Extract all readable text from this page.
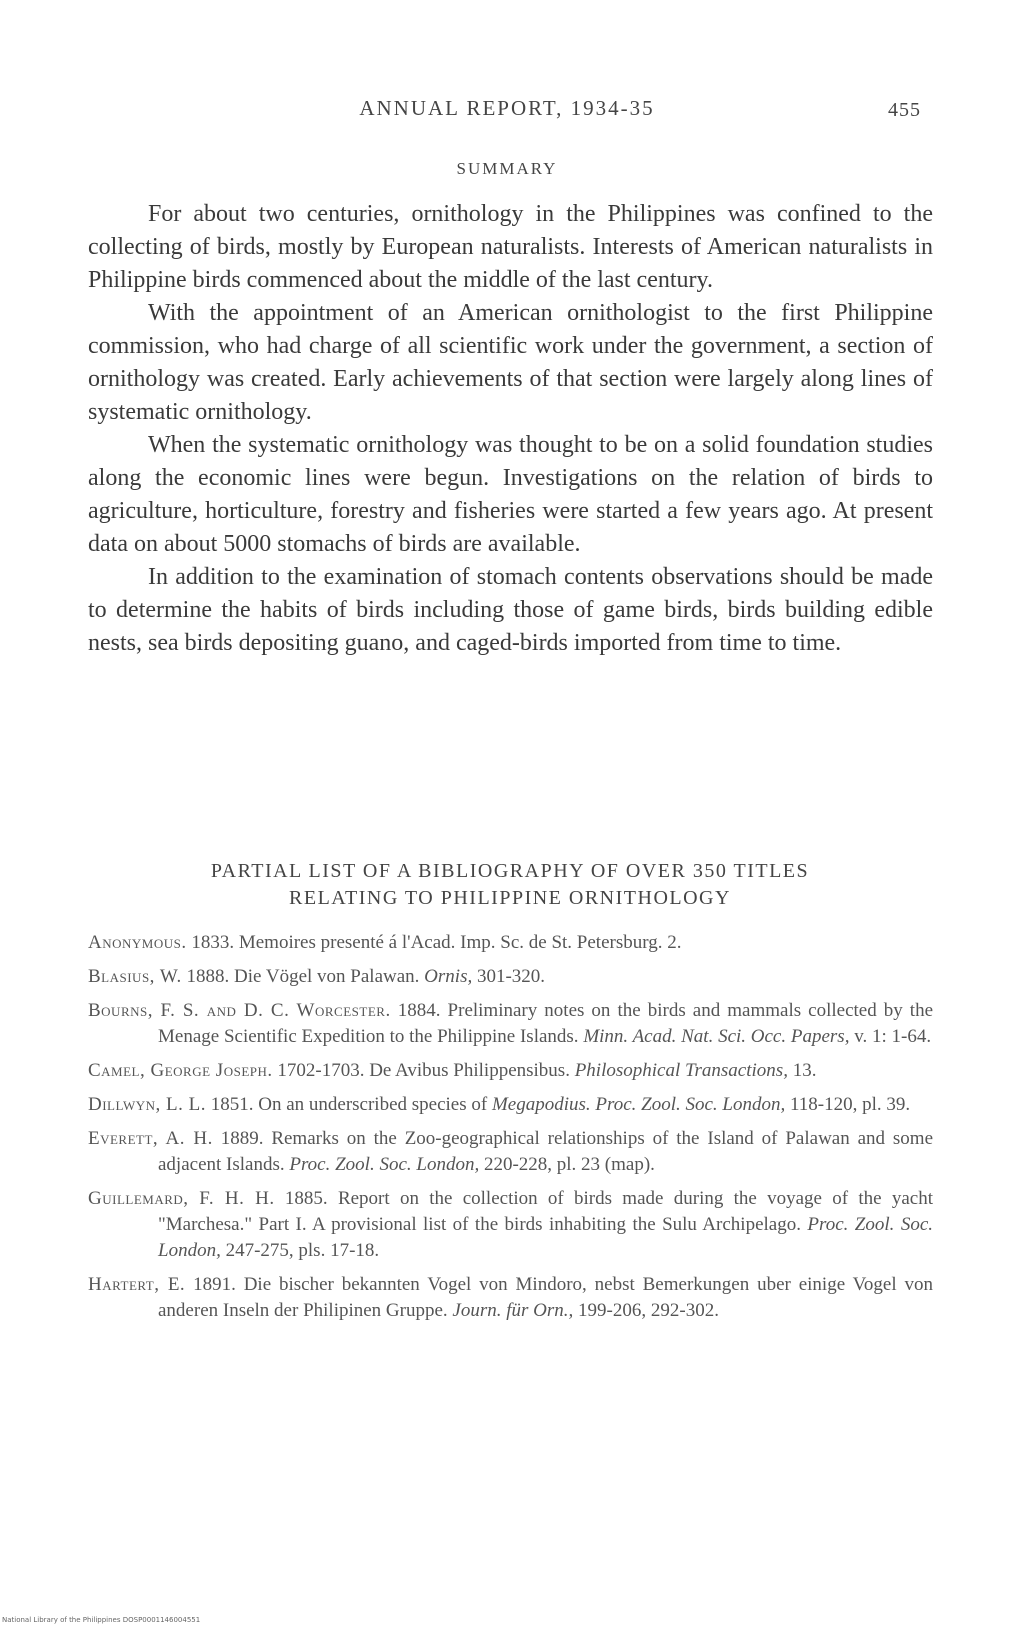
ANNUAL REPORT, 1934-35	455
SUMMARY

For about two centuries, ornithology in the Philippines was confined to the collecting of birds, mostly by European naturalists. Interests of American naturalists in Philippine birds commenced about the middle of the last century.

With the appointment of an American ornithologist to the first Philippine commission, who had charge of all scientific work under the government, a section of ornithology was created. Early achievements of that section were largely along lines of systematic ornithology.

When the systematic ornithology was thought to be on a solid foundation studies along the economic lines were begun. Investigations on the relation of birds to agriculture, horticulture, forestry and fisheries were started a few years ago. At present data on about 5000 stomachs of birds are available.

In addition to the examination of stomach contents observations should be made to determine the habits of birds including those of game birds, birds building edible nests, sea birds depositing guano, and caged-birds imported from time to time.

PARTIAL LIST OF A BIBLIOGRAPHY OF OVER 350 TITLES
RELATING TO PHILIPPINE ORNITHOLOGY
Anonymous. 1833. Memoires presenté á l'Acad. Imp. Sc. de St. Petersburg. 2.
Blasius, W. 1888. Die Vögel von Palawan. Ornis, 301-320.
Bourns, F. S. and D. C. Worcester. 1884. Preliminary notes on the birds and mammals collected by the Menage Scientific Expedition to the Philippine Islands. Minn. Acad. Nat. Sci. Occ. Papers, v. 1: 1-64.
Camel, George Joseph. 1702-1703. De Avibus Philippensibus. Philosophical Transactions, 13.
Dillwyn, L. L. 1851. On an underscribed species of Megapodius. Proc. Zool. Soc. London, 118-120, pl. 39.
Everett, A. H. 1889. Remarks on the Zoo-geographical relationships of the Island of Palawan and some adjacent Islands. Proc. Zool. Soc. London, 220-228, pl. 23 (map).
Guillemard, F. H. H. 1885. Report on the collection of birds made during the voyage of the yacht "Marchesa." Part I. A provisional list of the birds inhabiting the Sulu Archipelago. Proc. Zool. Soc. London, 247-275, pls. 17-18.
Hartert, E. 1891. Die bischer bekannten Vogel von Mindoro, nebst Bemerkungen uber einige Vogel von anderen Inseln der Philipinen Gruppe. Journ. für Orn., 199-206, 292-302.
National Library of the Philippines DOSP0001146004551
